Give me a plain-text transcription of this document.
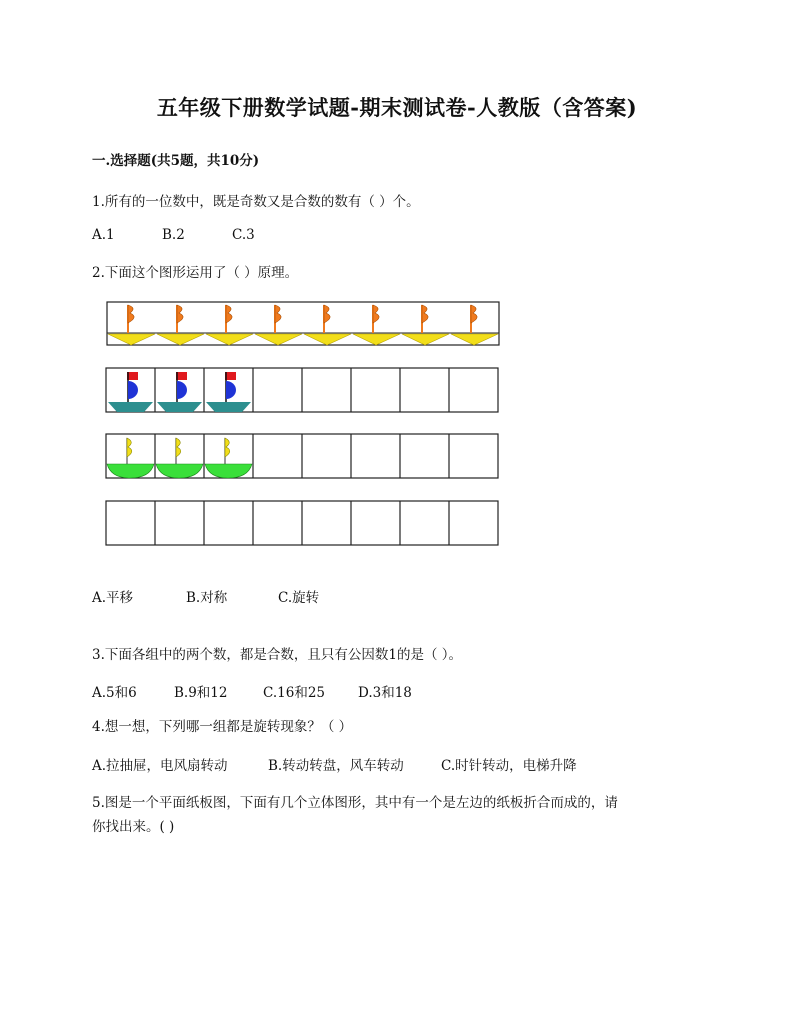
五年级下册数学试题-期末测试卷-人教版（含答案)
一.选择题(共5题，共10分)
1.所有的一位数中，既是奇数又是合数的数有（ ）个。
A.1	B.2	C.3
2.下面这个图形运用了（ ）原理。
A.平移	B.对称	C.旋转
3.下面各组中的两个数，都是合数，且只有公因数1的是（ ）。
A.5和6	B.9和12	C.16和25	D.3和18
4.想一想，下列哪一组都是旋转现象？（ ）
A.拉抽屉，电风扇转动	B.转动转盘，风车转动	C.时针转动，电梯升降
5.图是一个平面纸板图，下面有几个立体图形，其中有一个是左边的纸板折合而成的，请
你找出来。( )
